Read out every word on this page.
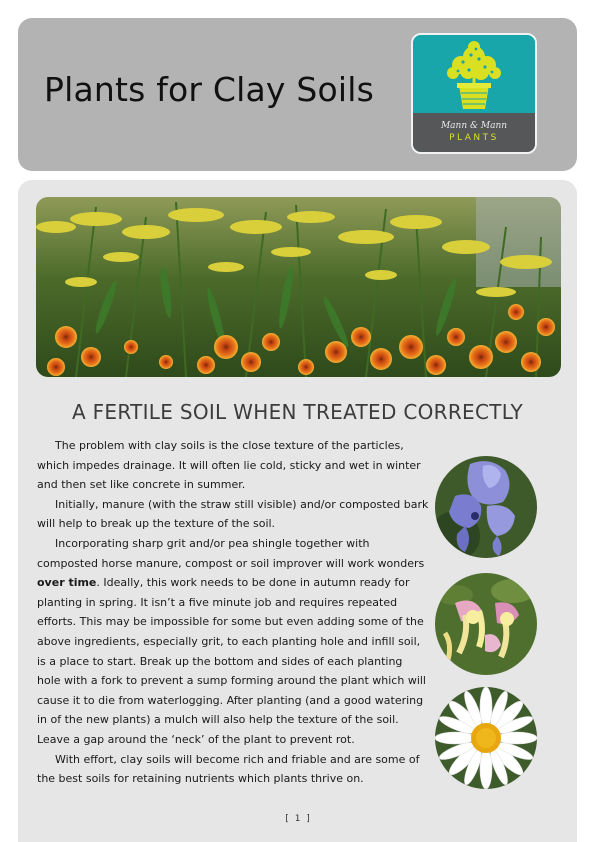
Plants for Clay Soils
Mann & Mann
PLANTS
A FERTILE SOIL WHEN TREATED CORRECTLY

The problem with clay soils is the close texture of the particles, which impedes drainage. It will often lie cold, sticky and wet in winter and then set like concrete in summer.

Initially, manure (with the straw still visible) and/or composted bark will help to break up the texture of the soil.

Incorporating sharp grit and/or pea shingle together with composted horse manure, compost or soil improver will work wonders over time. Ideally, this work needs to be done in autumn ready for planting in spring. It isn’t a five minute job and requires repeated efforts. This may be impossible for some but even adding some of the above ingredients, especially grit, to each planting hole and infill soil, is a place to start. Break up the bottom and sides of each planting hole with a fork to prevent a sump forming around the plant which will cause it to die from waterlogging. After planting (and a good watering in of the new plants) a mulch will also help the texture of the soil. Leave a gap around the ‘neck’ of the plant to prevent rot.

With effort, clay soils will become rich and friable and are some of the best soils for retaining nutrients which plants thrive on.

[ 1 ]
